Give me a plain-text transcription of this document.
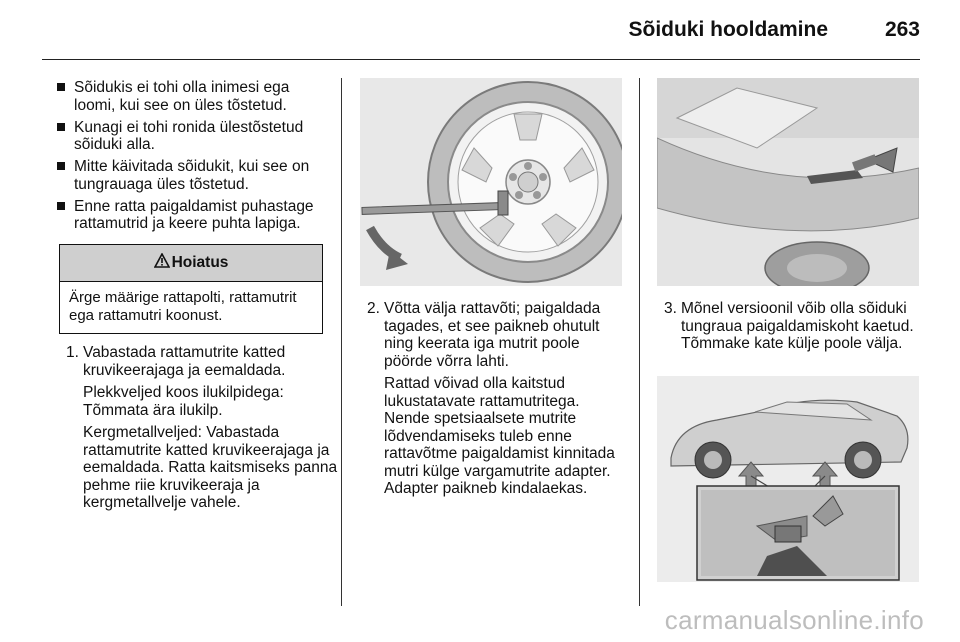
Sõiduki hooldamine	263
Sõidukis ei tohi olla inimesi ega loomi, kui see on üles tõstetud.
Kunagi ei tohi ronida ülestõstetud sõiduki alla.
Mitte käivitada sõidukit, kui see on tungrauaga üles tõstetud.
Enne ratta paigaldamist puhastage rattamutrid ja keere puhta lapiga.
Hoiatus
Ärge määrige rattapolti, rattamutrit ega rattamutri koonust.
1. Vabastada rattamutrite katted kruvikeerajaga ja eemaldada.

Plekkveljed koos ilukilpidega: Tõmmata ära ilukilp.

Kergmetallveljed: Vabastada rattamutrite katted kruvikeerajaga ja eemaldada. Ratta kaitsmiseks panna pehme riie kruvikeeraja ja kergmetallvelje vahele.

2. Võtta välja rattavõti; paigaldada tagades, et see paikneb ohutult ning keerata iga mutrit poole pöörde võrra lahti.

Rattad võivad olla kaitstud lukustatavate rattamutritega. Nende spetsiaalsete mutrite lõdvendamiseks tuleb enne rattavõtme paigaldamist kinnitada mutri külge vargamutrite adapter. Adapter paikneb kindalaekas.

3. Mõnel versioonil võib olla sõiduki tungraua paigaldamiskoht kaetud. Tõmmake kate külje poole välja.

carmanualsonline.info
